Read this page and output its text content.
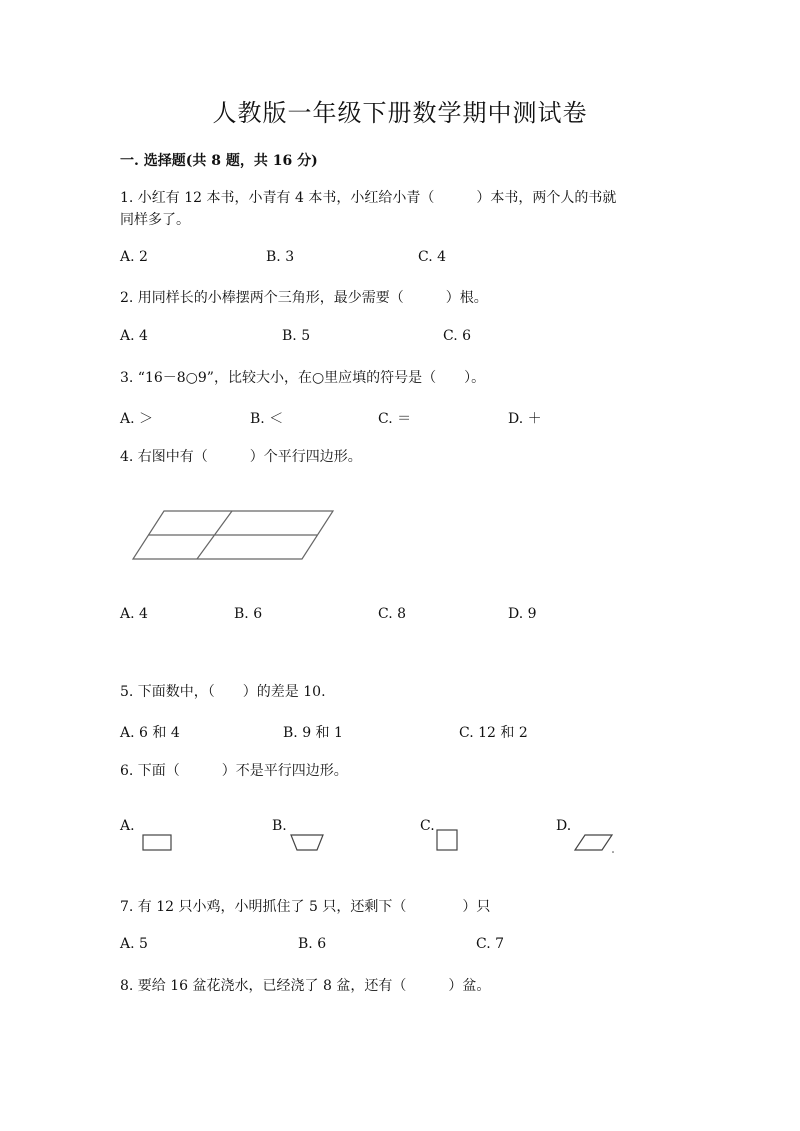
人教版一年级下册数学期中测试卷
一. 选择题(共 8 题，共 16 分)
1. 小红有 12 本书，小青有 4 本书，小红给小青（　　　）本书，两个人的书就
同样多了。
A. 2	B. 3	C. 4
2. 用同样长的小棒摆两个三角形，最少需要（　　　）根。
A. 4	B. 5	C. 6
3. “16－8○9”，比较大小，在○里应填的符号是（　　）。
A. ＞	B. ＜	C. ＝	D. ＋
4. 右图中有（　　　）个平行四边形。
A. 4	B. 6	C. 8	D. 9
5. 下面数中，（　　）的差是 10.
A. 6 和 4	B. 9 和 1	C. 12 和 2
6. 下面（　　　）不是平行四边形。
A.	B.	C.	D.
7. 有 12 只小鸡，小明抓住了 5 只，还剩下（　　　　）只
A. 5	B. 6	C. 7
8. 要给 16 盆花浇水，已经浇了 8 盆，还有（　　　）盆。
